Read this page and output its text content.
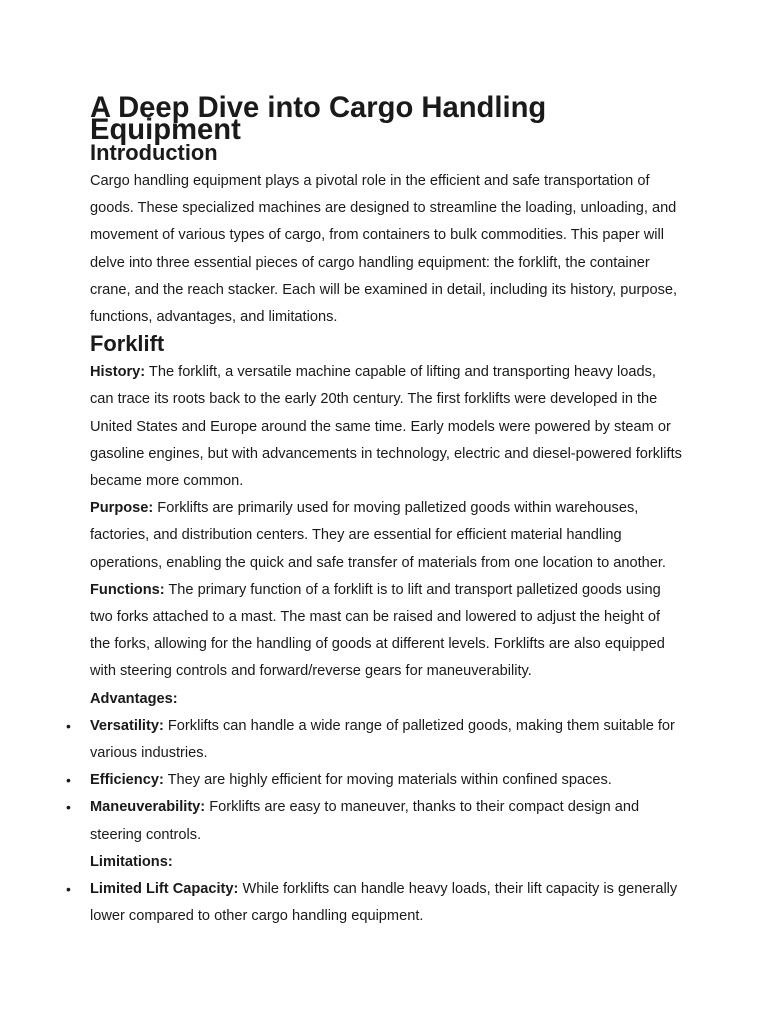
A Deep Dive into Cargo Handling Equipment
Introduction

Cargo handling equipment plays a pivotal role in the efficient and safe transportation of goods. These specialized machines are designed to streamline the loading, unloading, and movement of various types of cargo, from containers to bulk commodities. This paper will delve into three essential pieces of cargo handling equipment: the forklift, the container crane, and the reach stacker. Each will be examined in detail, including its history, purpose, functions, advantages, and limitations.

Forklift

History: The forklift, a versatile machine capable of lifting and transporting heavy loads, can trace its roots back to the early 20th century. The first forklifts were developed in the United States and Europe around the same time. Early models were powered by steam or gasoline engines, but with advancements in technology, electric and diesel-powered forklifts became more common.

Purpose: Forklifts are primarily used for moving palletized goods within warehouses, factories, and distribution centers. They are essential for efficient material handling operations, enabling the quick and safe transfer of materials from one location to another.

Functions: The primary function of a forklift is to lift and transport palletized goods using two forks attached to a mast. The mast can be raised and lowered to adjust the height of the forks, allowing for the handling of goods at different levels. Forklifts are also equipped with steering controls and forward/reverse gears for maneuverability.

Advantages:

•	Versatility: Forklifts can handle a wide range of palletized goods, making them suitable for various industries.
•	Efficiency: They are highly efficient for moving materials within confined spaces.
•	Maneuverability: Forklifts are easy to maneuver, thanks to their compact design and steering controls.

Limitations:

•	Limited Lift Capacity: While forklifts can handle heavy loads, their lift capacity is generally lower compared to other cargo handling equipment.
